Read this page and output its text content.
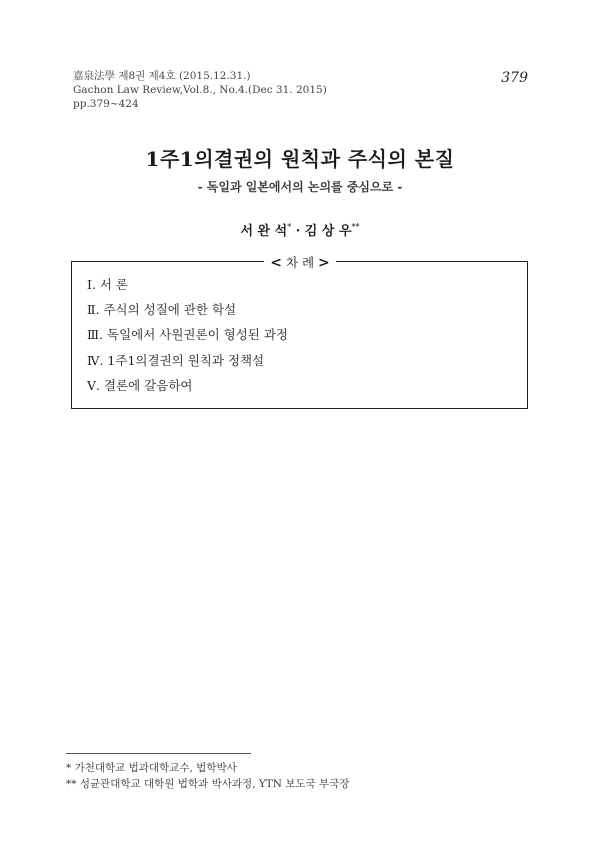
嘉泉法學 제8권 제4호 (2015.12.31.)
Gachon Law Review,Vol.8., No.4.(Dec 31. 2015)
pp.379~424
379
1주1의결권의 원칙과 주식의 본질
- 독일과 일본에서의 논의를 중심으로 -
서 완 석* · 김 상 우**
< 차 례 >
Ⅰ. 서 론
Ⅱ. 주식의 성질에 관한 학설
Ⅲ. 독일에서 사원권론이 형성된 과정
Ⅳ. 1주1의결권의 원칙과 정책설
Ⅴ. 결론에 갈음하여
* 가천대학교 법과대학교수, 법학박사
** 성균관대학교 대학원 법학과 박사과정, YTN 보도국 부국장
